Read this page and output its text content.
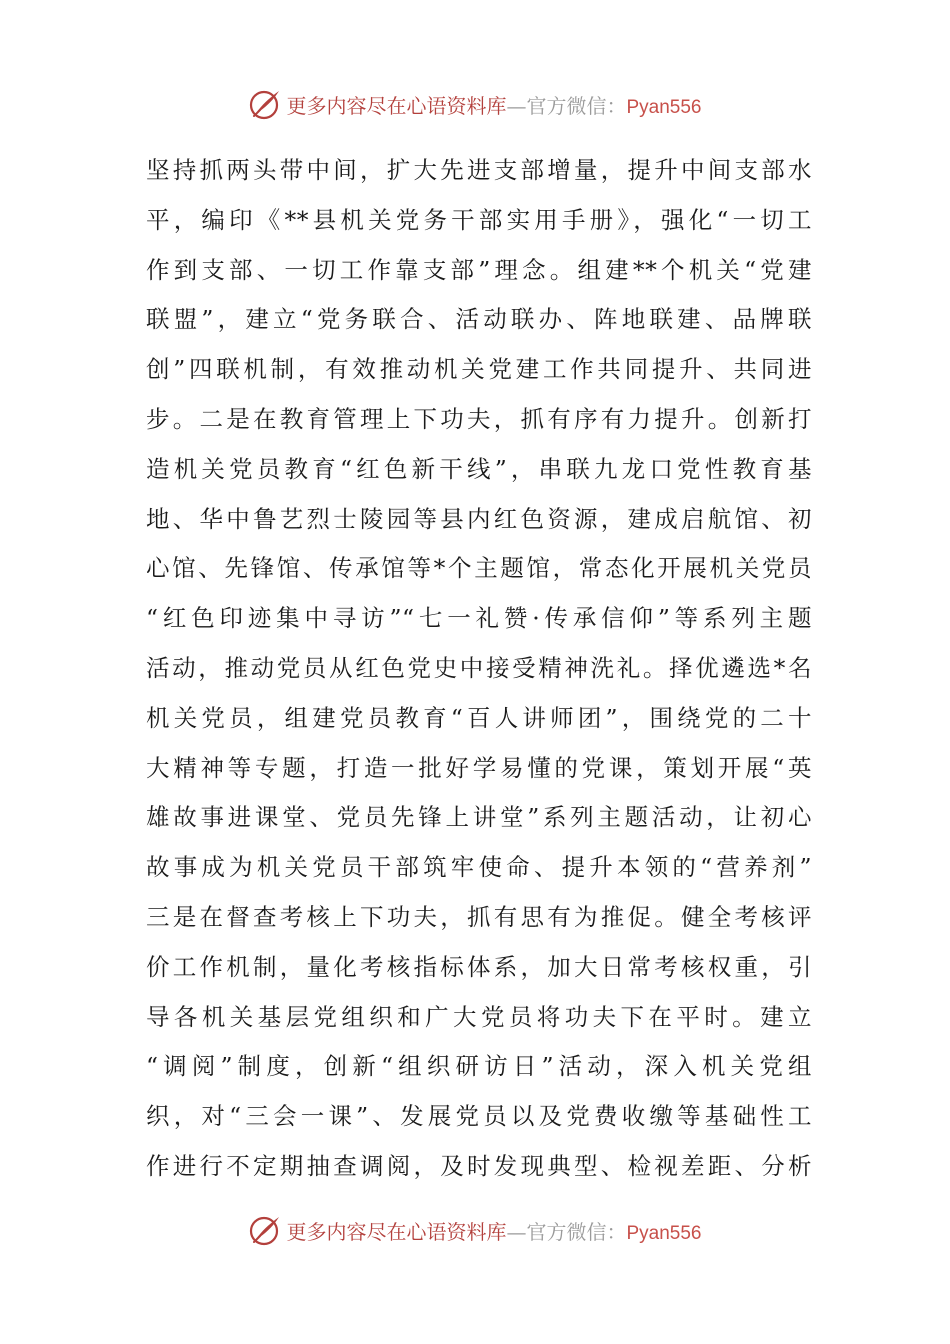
更多内容尽在心语资料库—官方微信：Pyan556
坚持抓两头带中间，扩大先进支部增量，提升中间支部水
平，编印《**县机关党务干部实用手册》，强化“一切工
作到支部、一切工作靠支部”理念。组建**个机关“党建
联盟”，建立“党务联合、活动联办、阵地联建、品牌联
创”四联机制，有效推动机关党建工作共同提升、共同进
步。二是在教育管理上下功夫，抓有序有力提升。创新打
造机关党员教育“红色新干线”，串联九龙口党性教育基
地、华中鲁艺烈士陵园等县内红色资源，建成启航馆、初
心馆、先锋馆、传承馆等*个主题馆，常态化开展机关党员
“红色印迹集中寻访”“七一礼赞·传承信仰”等系列主题
活动，推动党员从红色党史中接受精神洗礼。择优遴选*名
机关党员，组建党员教育“百人讲师团”，围绕党的二十
大精神等专题，打造一批好学易懂的党课，策划开展“英
雄故事进课堂、党员先锋上讲堂”系列主题活动，让初心
故事成为机关党员干部筑牢使命、提升本领的“营养剂”
三是在督查考核上下功夫，抓有思有为推促。健全考核评
价工作机制，量化考核指标体系，加大日常考核权重，引
导各机关基层党组织和广大党员将功夫下在平时。建立
“调阅”制度，创新“组织研访日”活动，深入机关党组
织，对“三会一课”、发展党员以及党费收缴等基础性工
作进行不定期抽查调阅，及时发现典型、检视差距、分析
更多内容尽在心语资料库—官方微信：Pyan556
